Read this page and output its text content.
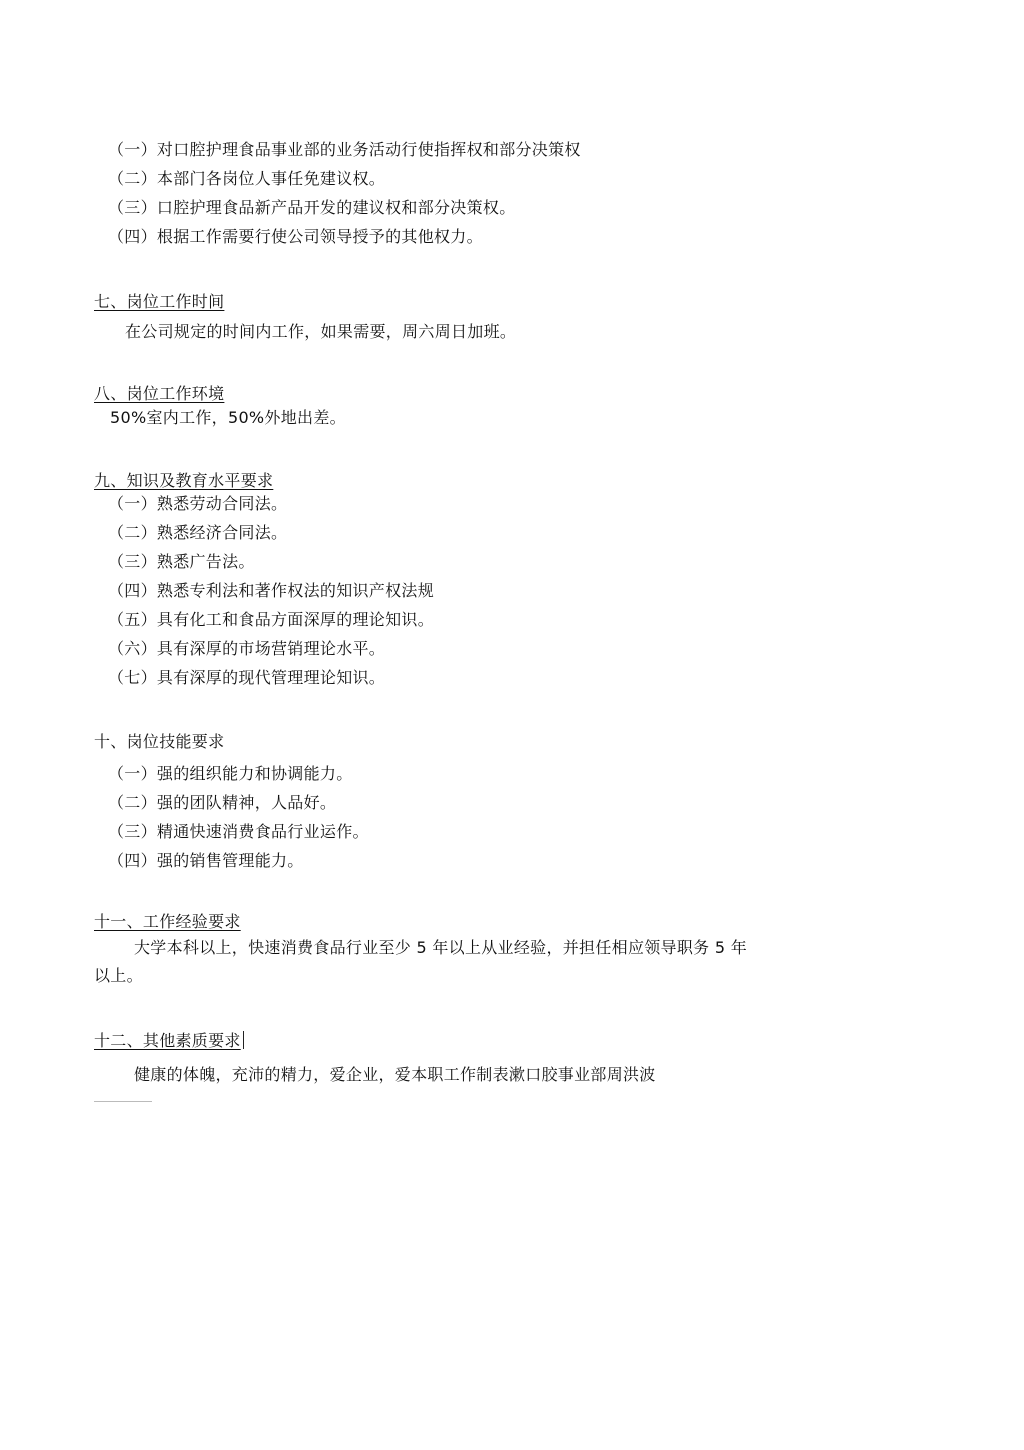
（一）对口腔护理食品事业部的业务活动行使指挥权和部分决策权
（二）本部门各岗位人事任免建议权。
（三）口腔护理食品新产品开发的建议权和部分决策权。
（四）根据工作需要行使公司领导授予的其他权力。
七、岗位工作时间
在公司规定的时间内工作，如果需要，周六周日加班。
八、岗位工作环境
50%室内工作，50%外地出差。
九、知识及教育水平要求
（一）熟悉劳动合同法。
（二）熟悉经济合同法。
（三）熟悉广告法。
（四）熟悉专利法和著作权法的知识产权法规
（五）具有化工和食品方面深厚的理论知识。
（六）具有深厚的市场营销理论水平。
（七）具有深厚的现代管理理论知识。
十、岗位技能要求
（一）强的组织能力和协调能力。
（二）强的团队精神，人品好。
（三）精通快速消费食品行业运作。
（四）强的销售管理能力。
十一、工作经验要求
大学本科以上，快速消费食品行业至少 5 年以上从业经验，并担任相应领导职务 5 年
以上。
十二、其他素质要求
健康的体魄，充沛的精力，爱企业，爱本职工作制表漱口胶事业部周洪波
